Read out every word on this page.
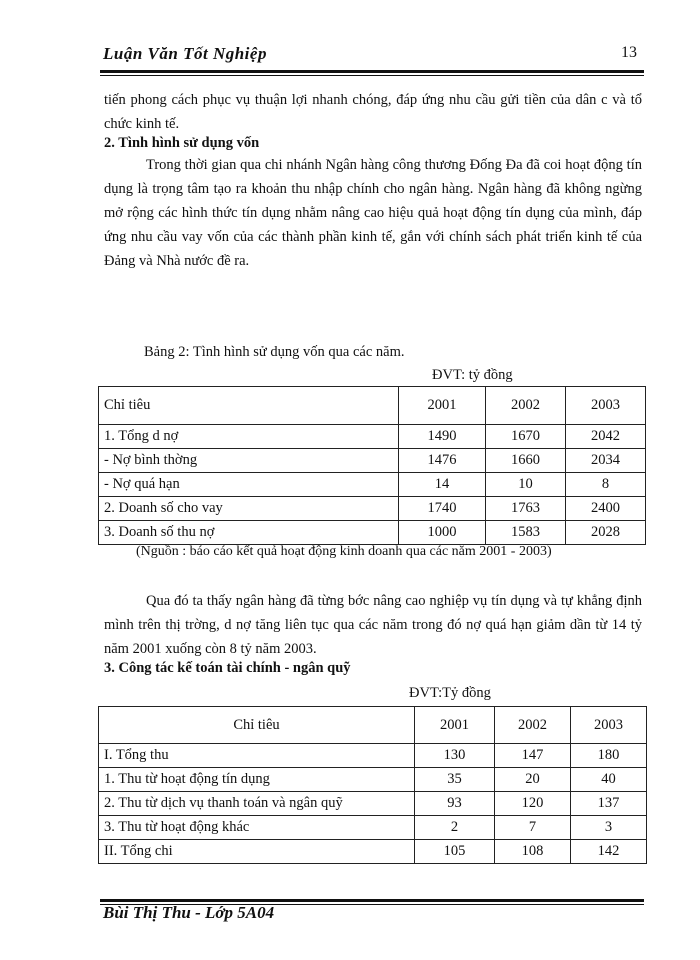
Luận Văn Tốt Nghiệp	13

tiến phong cách phục vụ thuận lợi nhanh chóng, đáp ứng nhu cầu gửi tiền của dân c và tổ chức kinh tế.

2. Tình hình sử dụng vốn

Trong thời gian qua chi nhánh Ngân hàng công thương Đống Đa đã coi hoạt động tín dụng là trọng tâm tạo ra khoản thu nhập chính cho ngân hàng. Ngân hàng đã không ngừng mở rộng các hình thức tín dụng nhằm nâng cao hiệu quả hoạt động tín dụng của mình, đáp ứng nhu cầu vay vốn của các thành phần kinh tế, gắn với chính sách phát triển kinh tế của Đảng và Nhà nước đề ra.

Bảng 2: Tình hình sử dụng vốn qua các năm.
ĐVT: tỷ đồng
Chỉ tiêu	2001	2002	2003
1. Tổng d nợ	1490	1670	2042
- Nợ bình thờng	1476	1660	2034
- Nợ quá hạn	14	10	8
2. Doanh số cho vay	1740	1763	2400
3. Doanh số thu nợ	1000	1583	2028
(Nguồn : báo cáo kết quả hoạt động kinh doanh qua các năm 2001 - 2003)

Qua đó ta thấy ngân hàng đã từng bớc nâng cao nghiệp vụ tín dụng và tự khẳng định mình trên thị trờng, d nợ tăng liên tục qua các năm trong đó nợ quá hạn giảm dần từ 14 tỷ năm 2001 xuống còn 8 tỷ năm 2003.

3. Công tác kế toán tài chính - ngân quỹ
ĐVT:Tỷ đồng
Chỉ tiêu	2001	2002	2003
I. Tổng thu	130	147	180
1. Thu từ hoạt động tín dụng	35	20	40
2. Thu từ dịch vụ thanh toán và ngân quỹ	93	120	137
3. Thu từ hoạt động khác	2	7	3
II. Tổng chi	105	108	142
Bùi Thị Thu - Lớp 5A04
